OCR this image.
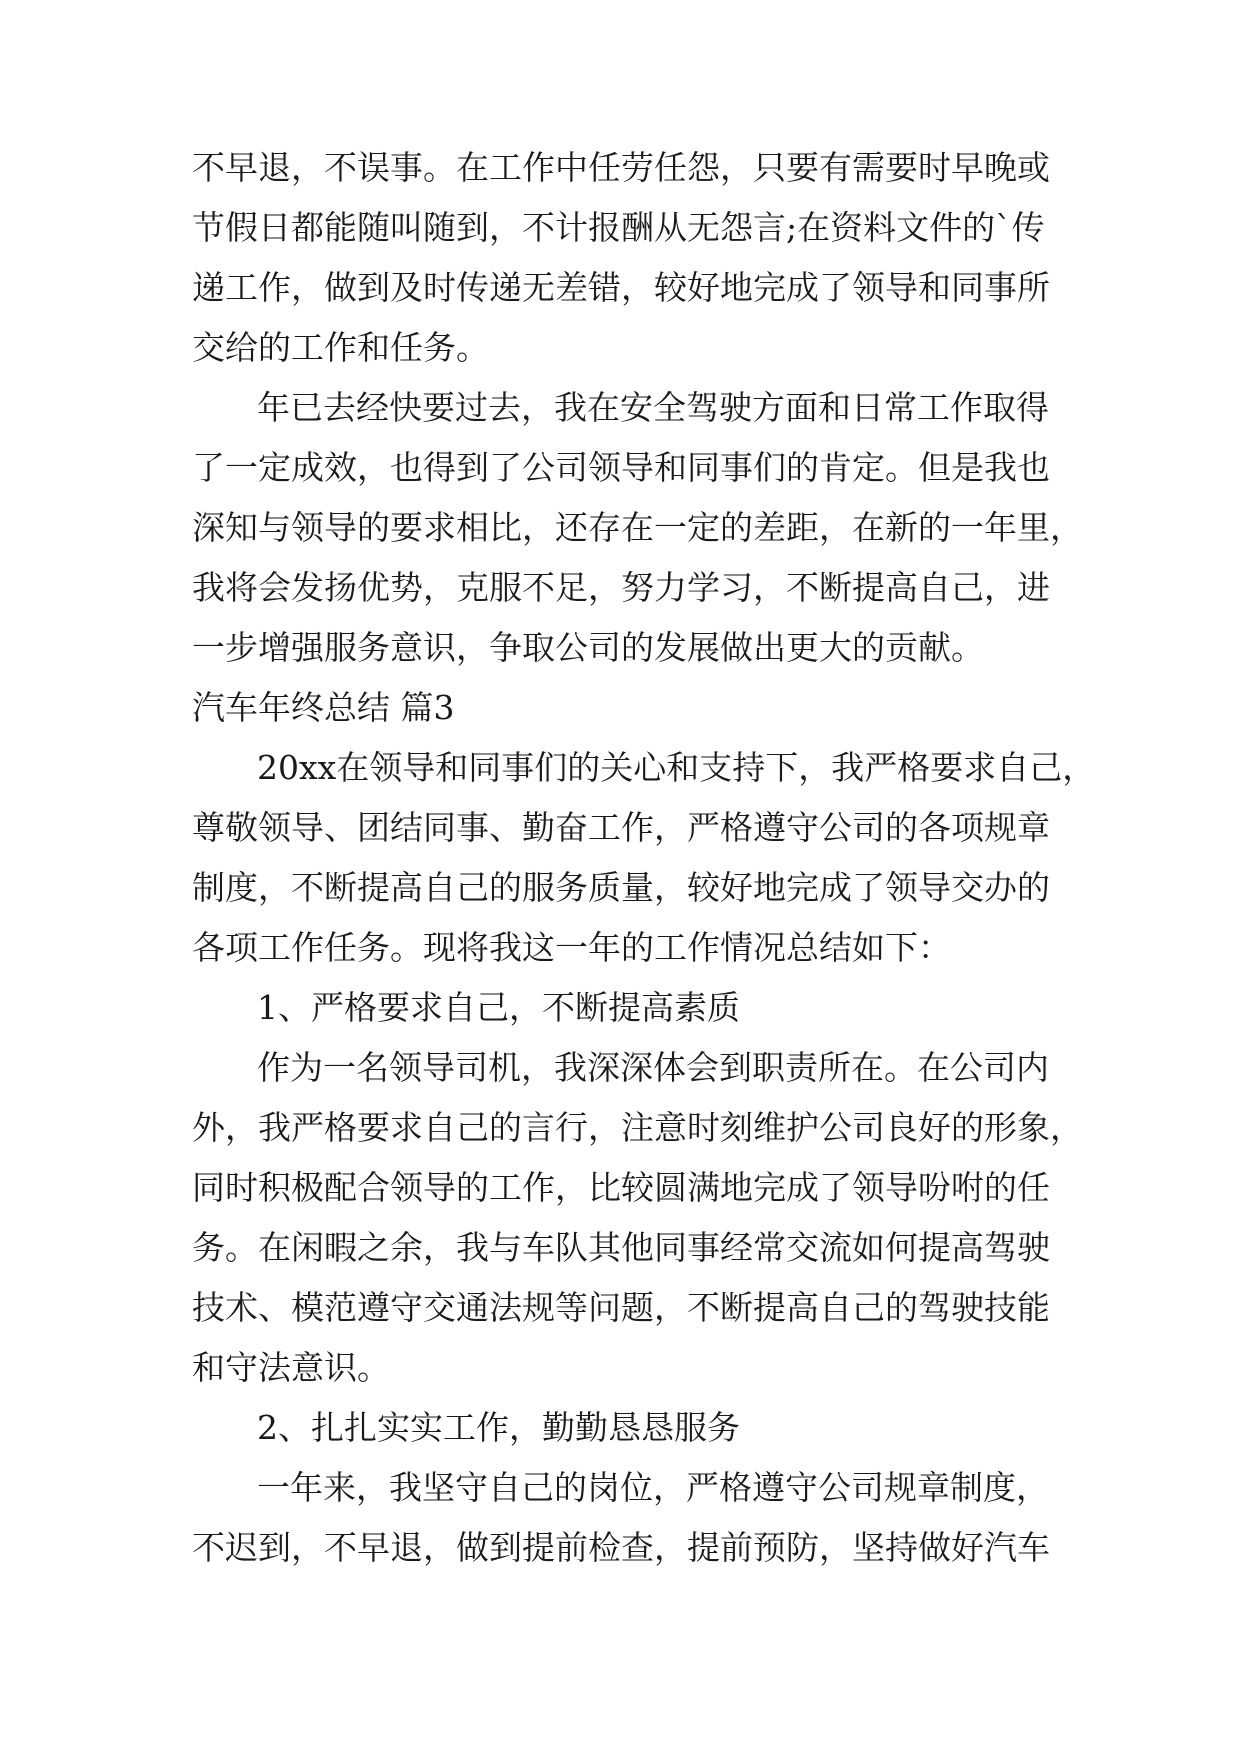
不早退，不误事。在工作中任劳任怨，只要有需要时早晚或
节假日都能随叫随到，不计报酬从无怨言;在资料文件的`传
递工作，做到及时传递无差错，较好地完成了领导和同事所
交给的工作和任务。
年已去经快要过去，我在安全驾驶方面和日常工作取得
了一定成效，也得到了公司领导和同事们的肯定。但是我也
深知与领导的要求相比，还存在一定的差距，在新的一年里，
我将会发扬优势，克服不足，努力学习，不断提高自己，进
一步增强服务意识，争取公司的发展做出更大的贡献。
汽车年终总结 篇3
20xx在领导和同事们的关心和支持下，我严格要求自己，
尊敬领导、团结同事、勤奋工作，严格遵守公司的各项规章
制度，不断提高自己的服务质量，较好地完成了领导交办的
各项工作任务。现将我这一年的工作情况总结如下：
1、严格要求自己，不断提高素质
作为一名领导司机，我深深体会到职责所在。在公司内
外，我严格要求自己的言行，注意时刻维护公司良好的形象，
同时积极配合领导的工作，比较圆满地完成了领导吩咐的任
务。在闲暇之余，我与车队其他同事经常交流如何提高驾驶
技术、模范遵守交通法规等问题，不断提高自己的驾驶技能
和守法意识。
2、扎扎实实工作，勤勤恳恳服务
一年来，我坚守自己的岗位，严格遵守公司规章制度，
不迟到，不早退，做到提前检查，提前预防，坚持做好汽车
